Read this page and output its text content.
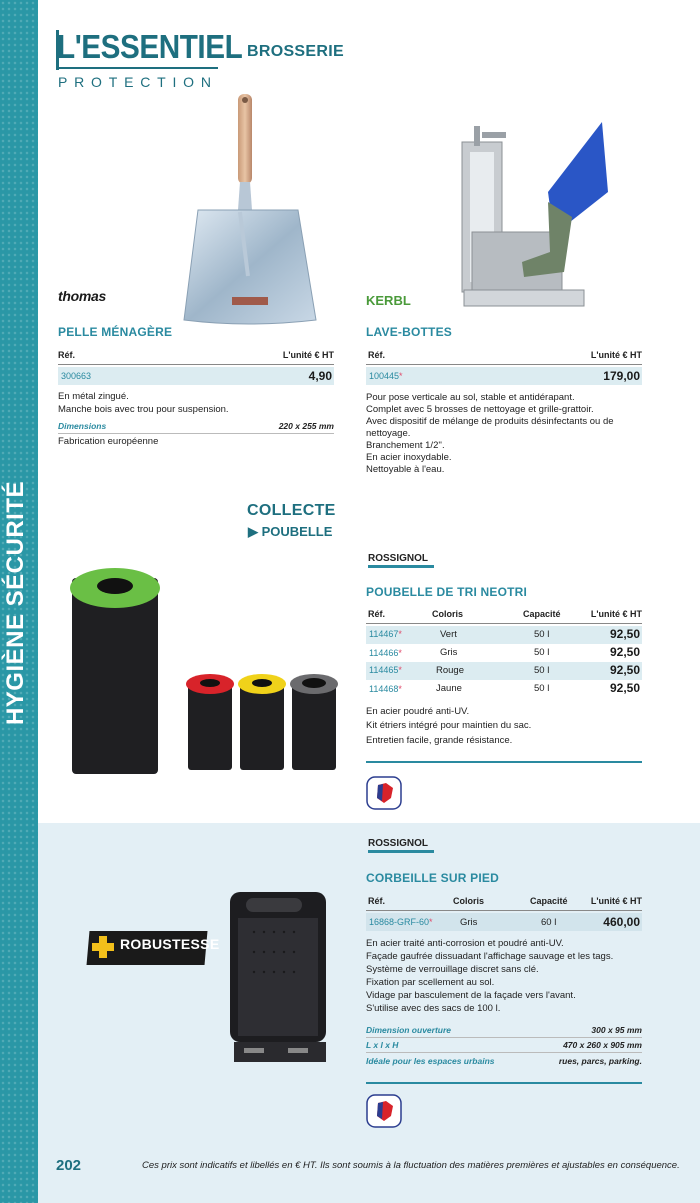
HYGIÈNE SÉCURITÉ
L'ESSENTIEL
PROTECTION
BROSSERIE
thomas
PELLE MÉNAGÈRE
Réf.	L'unité € HT
300663	4,90
En métal zingué.
Manche bois avec trou pour suspension.
Dimensions	220 x 255 mm
Fabrication européenne
KERBL
LAVE-BOTTES
Réf.	L'unité € HT
100445*	179,00
Pour pose verticale au sol, stable et antidérapant.
Complet avec 5 brosses de nettoyage et grille-grattoir.
Avec dispositif de mélange de produits désinfectants ou de
nettoyage.
Branchement 1/2''.
En acier inoxydable.
Nettoyable à l'eau.
COLLECTE
▶ POUBELLE
ROSSIGNOL
POUBELLE DE TRI NEOTRI
Réf.	Coloris	Capacité	L'unité € HT
114467*	Vert	50 l	92,50
114466*	Gris	50 l	92,50
114465*	Rouge	50 l	92,50
114468*	Jaune	50 l	92,50
En acier poudré anti-UV.
Kit étriers intégré pour maintien du sac.
Entretien facile, grande résistance.
ROBUSTESSE
ROSSIGNOL
CORBEILLE SUR PIED
Réf.	Coloris	Capacité	L'unité € HT
16868-GRF-60*	Gris	60 l	460,00
En acier traité anti-corrosion et poudré anti-UV.
Façade gaufrée dissuadant l'affichage sauvage et les tags.
Système de verrouillage discret sans clé.
Fixation par scellement au sol.
Vidage par basculement de la façade vers l'avant.
S'utilise avec des sacs de 100 l.
Dimension ouverture	300 x 95 mm
L x l x H	470 x 260 x 905 mm
Idéale pour les espaces urbains	rues, parcs, parking.
202	Ces prix sont indicatifs et libellés en € HT. Ils sont soumis à la fluctuation des matières premières et ajustables en conséquence.
